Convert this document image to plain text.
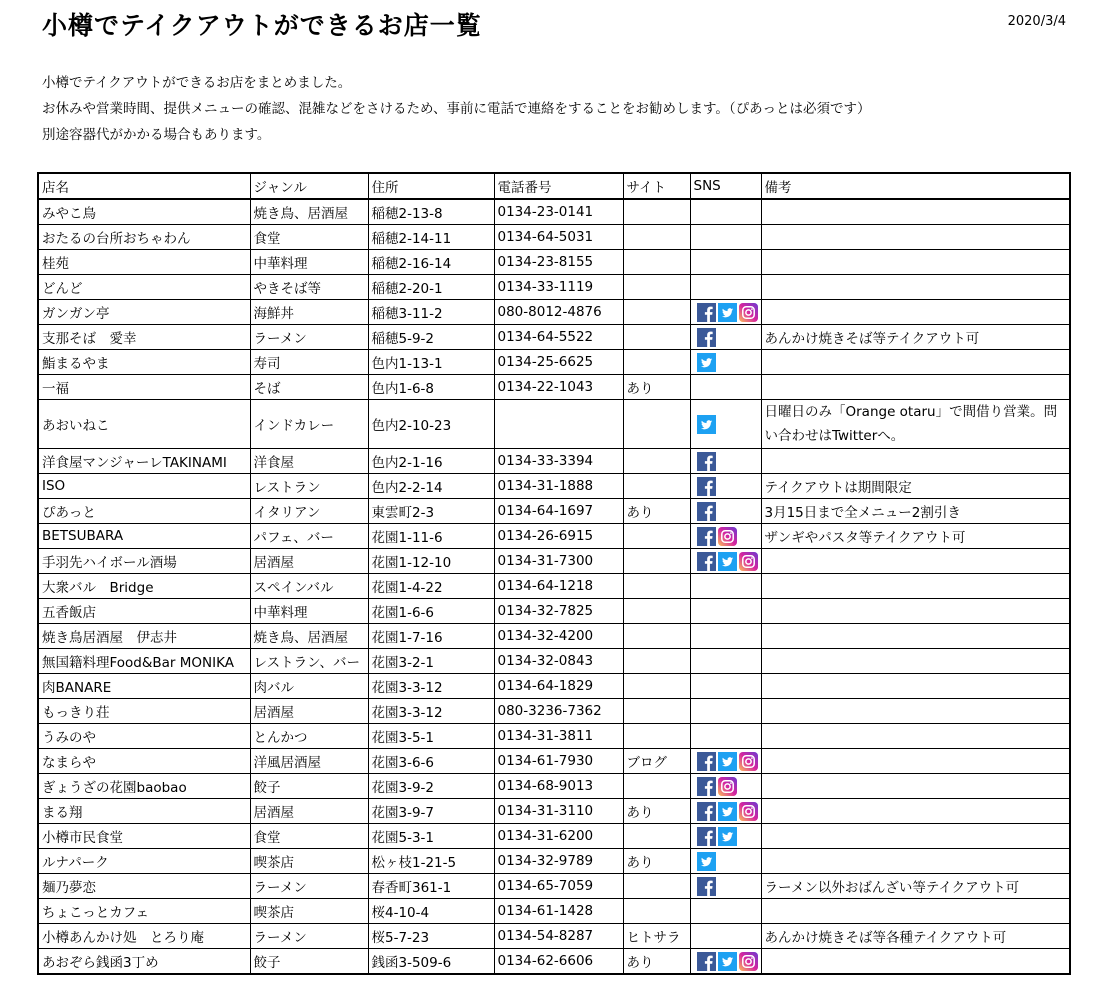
小樽でテイクアウトができるお店一覧	2020/3/4
小樽でテイクアウトができるお店をまとめました。
お休みや営業時間、提供メニューの確認、混雑などをさけるため、事前に電話で連絡をすることをお勧めします。（ぴあっとは必須です）
別途容器代がかかる場合もあります。
店名	ジャンル	住所	電話番号	サイト	SNS	備考
みやこ鳥	焼き鳥、居酒屋	稲穂2-13-8	0134-23-0141			
おたるの台所おちゃわん	食堂	稲穂2-14-11	0134-64-5031			
桂苑	中華料理	稲穂2-16-14	0134-23-8155			
どんど	やきそば等	稲穂2-20-1	0134-33-1119			
ガンガン亭	海鮮丼	稲穂3-11-2	080-8012-4876		

支那そば　愛幸	ラーメン	稲穂5-9-2	0134-64-5522			あんかけ焼きそば等テイクアウト可
鮨まるやま	寿司	色内1-13-1	0134-25-6625		

一福	そば	色内1-6-8	0134-22-1043	あり		
あおいねこ	インドカレー	色内2-10-23				日曜日のみ「Orange otaru」で間借り営業。問い合わせはTwitterへ。
洋食屋マンジャーレTAKINAMI	洋食屋	色内2-1-16	0134-33-3394		

ISO	レストラン	色内2-2-14	0134-31-1888			テイクアウトは期間限定
ぴあっと	イタリアン	東雲町2-3	0134-64-1697	あり		3月15日まで全メニュー2割引き
BETSUBARA	パフェ、バー	花園1-11-6	0134-26-6915			ザンギやパスタ等テイクアウト可
手羽先ハイボール酒場	居酒屋	花園1-12-10	0134-31-7300		

大衆バル　Bridge	スペインバル	花園1-4-22	0134-64-1218			
五香飯店	中華料理	花園1-6-6	0134-32-7825			
焼き鳥居酒屋　伊志井	焼き鳥、居酒屋	花園1-7-16	0134-32-4200			
無国籍料理Food&Bar MONIKA	レストラン、バー	花園3-2-1	0134-32-0843			
肉BANARE	肉バル	花園3-3-12	0134-64-1829			
もっきり荘	居酒屋	花園3-3-12	080-3236-7362			
うみのや	とんかつ	花園3-5-1	0134-31-3811			
なまらや	洋風居酒屋	花園3-6-6	0134-61-7930	ブログ	

ぎょうざの花園baobao	餃子	花園3-9-2	0134-68-9013		

まる翔	居酒屋	花園3-9-7	0134-31-3110	あり	

小樽市民食堂	食堂	花園5-3-1	0134-31-6200		

ルナパーク	喫茶店	松ヶ枝1-21-5	0134-32-9789	あり	

麺乃夢恋	ラーメン	春香町361-1	0134-65-7059			ラーメン以外おばんざい等テイクアウト可
ちょこっとカフェ	喫茶店	桜4-10-4	0134-61-1428			
小樽あんかけ処　とろり庵	ラーメン	桜5-7-23	0134-54-8287	ヒトサラ		あんかけ焼きそば等各種テイクアウト可
あおぞら銭函3丁め	餃子	銭函3-509-6	0134-62-6606	あり	
